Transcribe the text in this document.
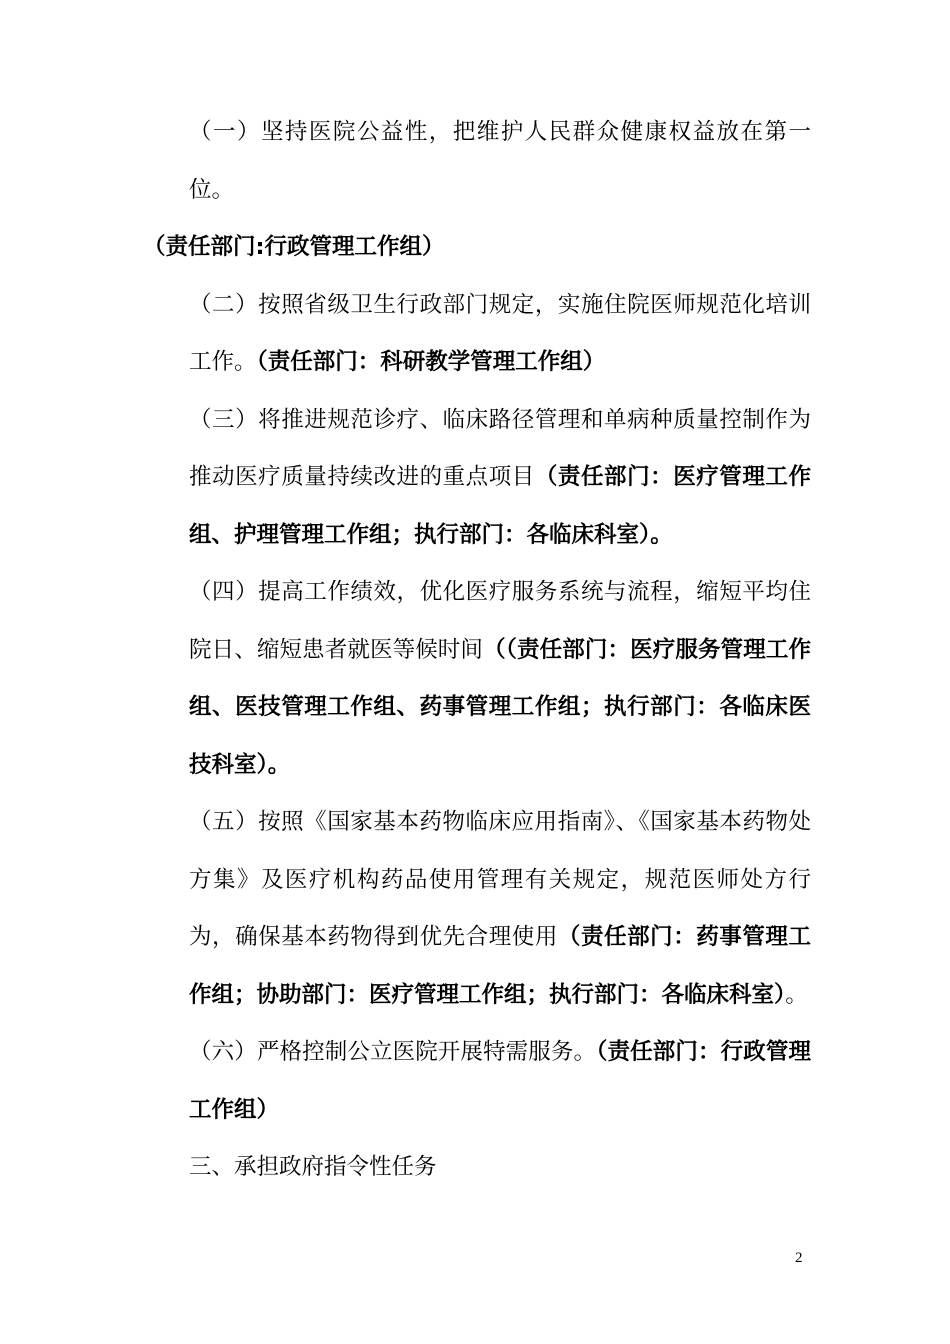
（一）坚持医院公益性，把维护人民群众健康权益放在第一位。
（责任部门:行政管理工作组）

（二）按照省级卫生行政部门规定，实施住院医师规范化培训工作。（责任部门：科研教学管理工作组）

（三）将推进规范诊疗、临床路径管理和单病种质量控制作为推动医疗质量持续改进的重点项目（责任部门：医疗管理工作组、护理管理工作组；执行部门：各临床科室）。

（四）提高工作绩效，优化医疗服务系统与流程，缩短平均住院日、缩短患者就医等候时间（（责任部门：医疗服务管理工作组、医技管理工作组、药事管理工作组；执行部门：各临床医技科室）。

（五）按照《国家基本药物临床应用指南》、《国家基本药物处方集》及医疗机构药品使用管理有关规定，规范医师处方行为，确保基本药物得到优先合理使用（责任部门：药事管理工作组；协助部门：医疗管理工作组；执行部门：各临床科室）。

（六）严格控制公立医院开展特需服务。（责任部门：行政管理工作组）

三、承担政府指令性任务

2
